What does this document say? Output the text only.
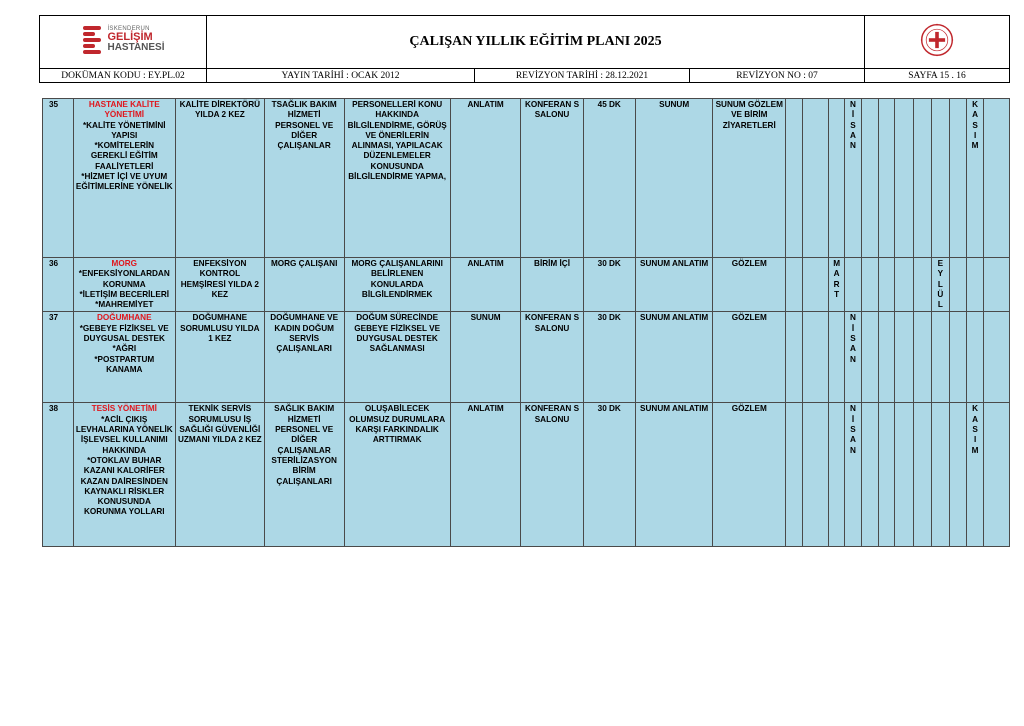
İSKENDERUN
GELİŞİM
HASTANESİ	ÇALIŞAN YILLIK EĞİTİM PLANI 2025	
DOKÜMAN KODU : EY.PL.02	YAYIN TARİHİ : OCAK 2012	REVİZYON TARİHİ : 28.12.2021	REVİZYON NO : 07	SAYFA 15 . 16
35	HASTANE KALİTE YÖNETİMİ
*KALİTE YÖNETİMİNİ YAPISI
*KOMİTELERİN GEREKLİ EĞİTİM FAALİYETLERİ
*HİZMET İÇİ VE UYUM EĞİTİMLERİNE YÖNELİK	KALİTE DİREKTÖRÜ YILDA 2 KEZ	TSAĞLIK BAKIM HİZMETİ PERSONEL VE DİĞER ÇALIŞANLAR	PERSONELLERİ KONU HAKKINDA BİLGİLENDİRME, GÖRÜŞ VE ÖNERİLERİN ALINMASI, YAPILACAK DÜZENLEMELER KONUSUNDA BİLGİLENDİRME YAPMA,	ANLATIM	KONFERAN S SALONU	45 DK	SUNUM	SUNUM GÖZLEM VE BİRİM ZİYARETLERİ				N
İ
S
A
N							K
A
S
I
M	

36	MORG
*ENFEKSİYONLARDAN KORUNMA
*İLETİŞİM BECERİLERİ
*MAHREMİYET	ENFEKSİYON KONTROL HEMŞİRESİ YILDA 2 KEZ	MORG ÇALIŞANI	MORG ÇALIŞANLARINI BELİRLENEN KONULARDA BİLGİLENDİRMEK	ANLATIM	BİRİM İÇİ	30 DK	SUNUM ANLATIM	GÖZLEM			M
A
R
T						E
Y
L
Ü
L			

37	DOĞUMHANE
*GEBEYE FİZİKSEL VE DUYGUSAL DESTEK
*AĞRI
*POSTPARTUM KANAMA	DOĞUMHANE SORUMLUSU YILDA 1 KEZ	DOĞUMHANE VE KADIN DOĞUM SERVİS ÇALIŞANLARI	DOĞUM SÜRECİNDE GEBEYE FİZİKSEL VE DUYGUSAL DESTEK SAĞLANMASI	SUNUM	KONFERAN S SALONU	30 DK	SUNUM ANLATIM	GÖZLEM				N
İ
S
A
N								

38	TESİS YÖNETİMİ
*ACİL ÇIKIŞ LEVHALARINA YÖNELİK İŞLEVSEL KULLANIMI HAKKINDA
*OTOKLAV BUHAR KAZANI KALORİFER KAZAN DAİRESİNDEN KAYNAKLI RİSKLER KONUSUNDA KORUNMA YOLLARI	TEKNİK SERVİS SORUMLUSU İŞ SAĞLIĞI GÜVENLİĞİ UZMANI YILDA 2 KEZ	SAĞLIK BAKIM HİZMETİ PERSONEL VE DİĞER ÇALIŞANLAR STERİLİZASYON BİRİM ÇALIŞANLARI	OLUŞABİLECEK OLUMSUZ DURUMLARA KARŞI FARKINDALIK ARTTIRMAK	ANLATIM	KONFERAN S SALONU	30 DK	SUNUM ANLATIM	GÖZLEM				N
İ
S
A
N							K
A
S
I
M	
